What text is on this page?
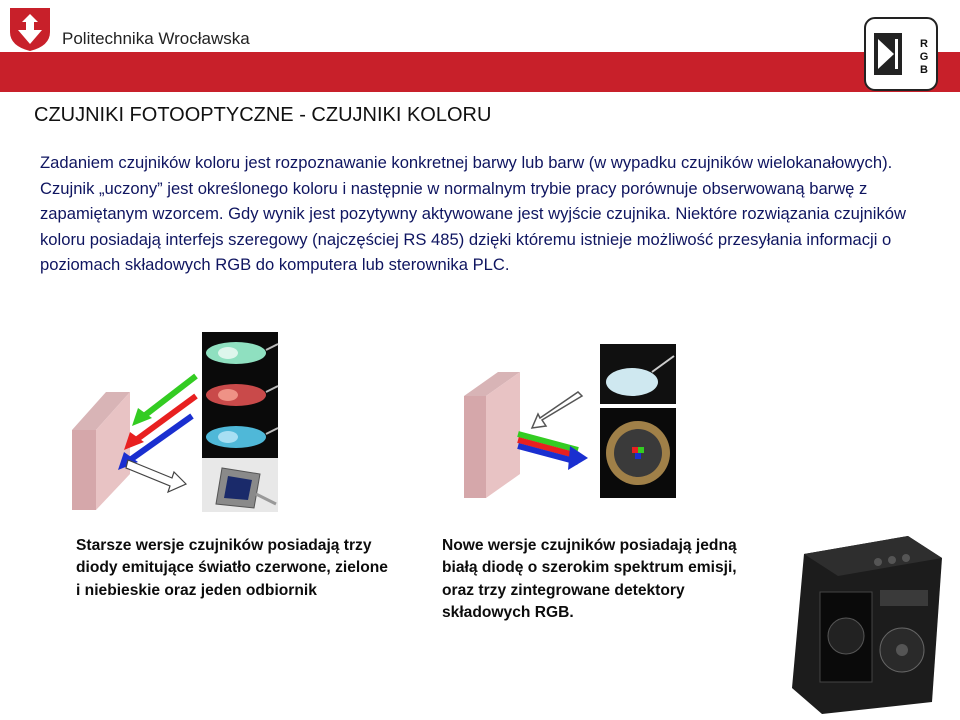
Politechnika Wrocławska	R
G
B
CZUJNIKI FOTOOPTYCZNE - CZUJNIKI KOLORU

Zadaniem czujników koloru jest rozpoznawanie konkretnej barwy lub barw (w wypadku czujników wielokanałowych). Czujnik „uczony” jest określonego koloru i następnie w normalnym trybie pracy porównuje obserwowaną barwę z zapamiętanym wzorcem. Gdy wynik jest pozytywny aktywowane jest wyjście czujnika. Niektóre rozwiązania czujników koloru posiadają interfejs szeregowy (najczęściej RS 485) dzięki któremu istnieje możliwość przesyłania informacji o poziomach składowych RGB do komputera lub sterownika PLC.

Starsze wersje czujników posiadają trzy diody emitujące światło czerwone, zielone i niebieskie oraz jeden odbiornik

Nowe wersje czujników posiadają jedną białą diodę o szerokim spektrum emisji, oraz trzy zintegrowane detektory składowych RGB.
